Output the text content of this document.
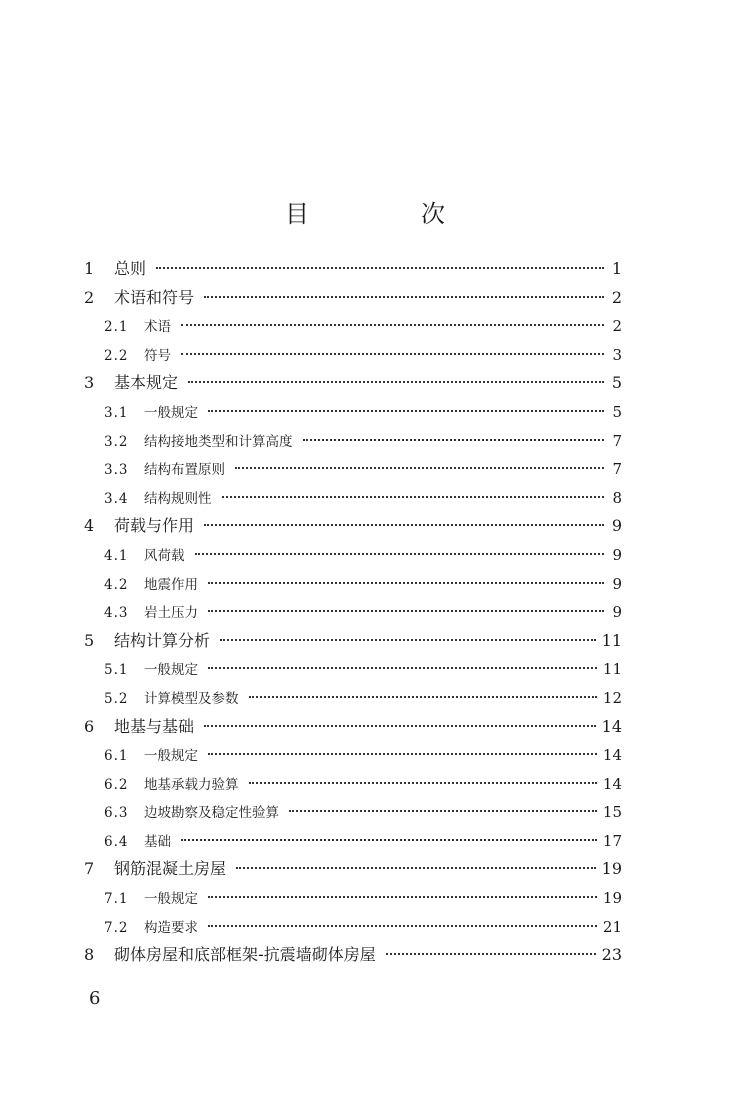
目　次
1	总则	1
2	术语和符号	2
2.1	术语	2
2.2	符号	3
3	基本规定	5
3.1	一般规定	5
3.2	结构接地类型和计算高度	7
3.3	结构布置原则	7
3.4	结构规则性	8
4	荷载与作用	9
4.1	风荷载	9
4.2	地震作用	9
4.3	岩土压力	9
5	结构计算分析	11
5.1	一般规定	11
5.2	计算模型及参数	12
6	地基与基础	14
6.1	一般规定	14
6.2	地基承载力验算	14
6.3	边坡勘察及稳定性验算	15
6.4	基础	17
7	钢筋混凝土房屋	19
7.1	一般规定	19
7.2	构造要求	21
8	砌体房屋和底部框架-抗震墙砌体房屋	23
6
